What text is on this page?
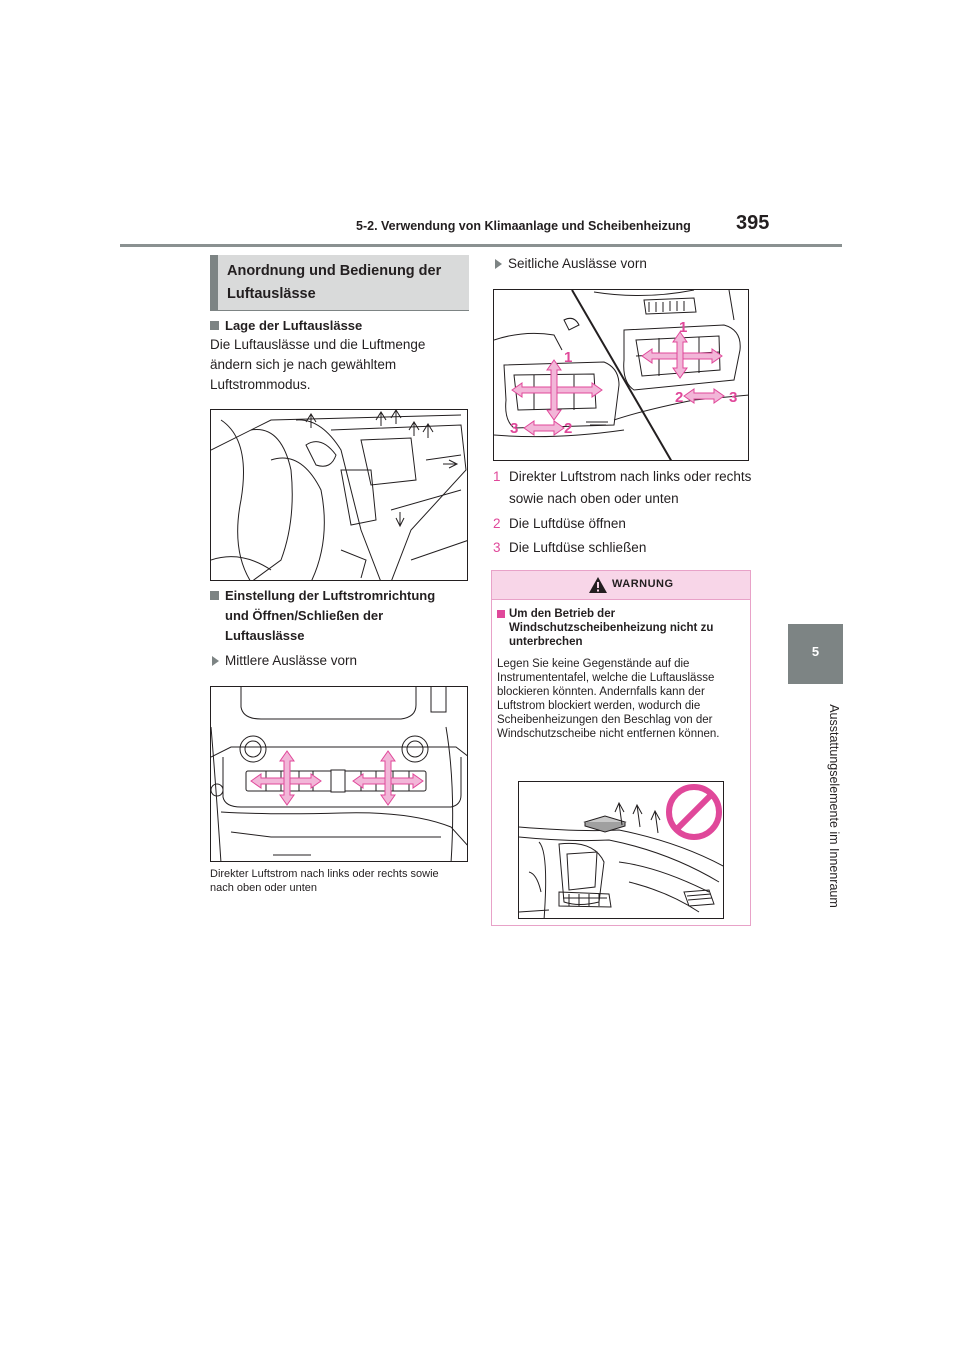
5-2. Verwendung von Klimaanlage und Scheibenheizung 395
5
Ausstattungselemente im Innenraum
Anordnung und Bedienung der Luftauslässe
Lage der Luftauslässe
Die Luftauslässe und die Luftmenge ändern sich je nach gewähltem Luftstrommodus.
Einstellung der Luftstromrichtung und Öffnen/Schließen der Luftauslässe
Mittlere Auslässe vorn
Direkter Luftstrom nach links oder rechts sowie nach oben oder unten
Seitliche Auslässe vorn
1
1
2	3
3	2
1 Direkter Luftstrom nach links oder rechts sowie nach oben oder unten
2 Die Luftdüse öffnen
3 Die Luftdüse schließen
WARNUNG
Um den Betrieb der Windschutzscheibenheizung nicht zu unterbrechen
Legen Sie keine Gegenstände auf die Instrumententafel, welche die Luftauslässe blockieren könnten. Andernfalls kann der Luftstrom blockiert werden, wodurch die Scheibenheizungen den Beschlag von der Windschutzscheibe nicht entfernen können.
